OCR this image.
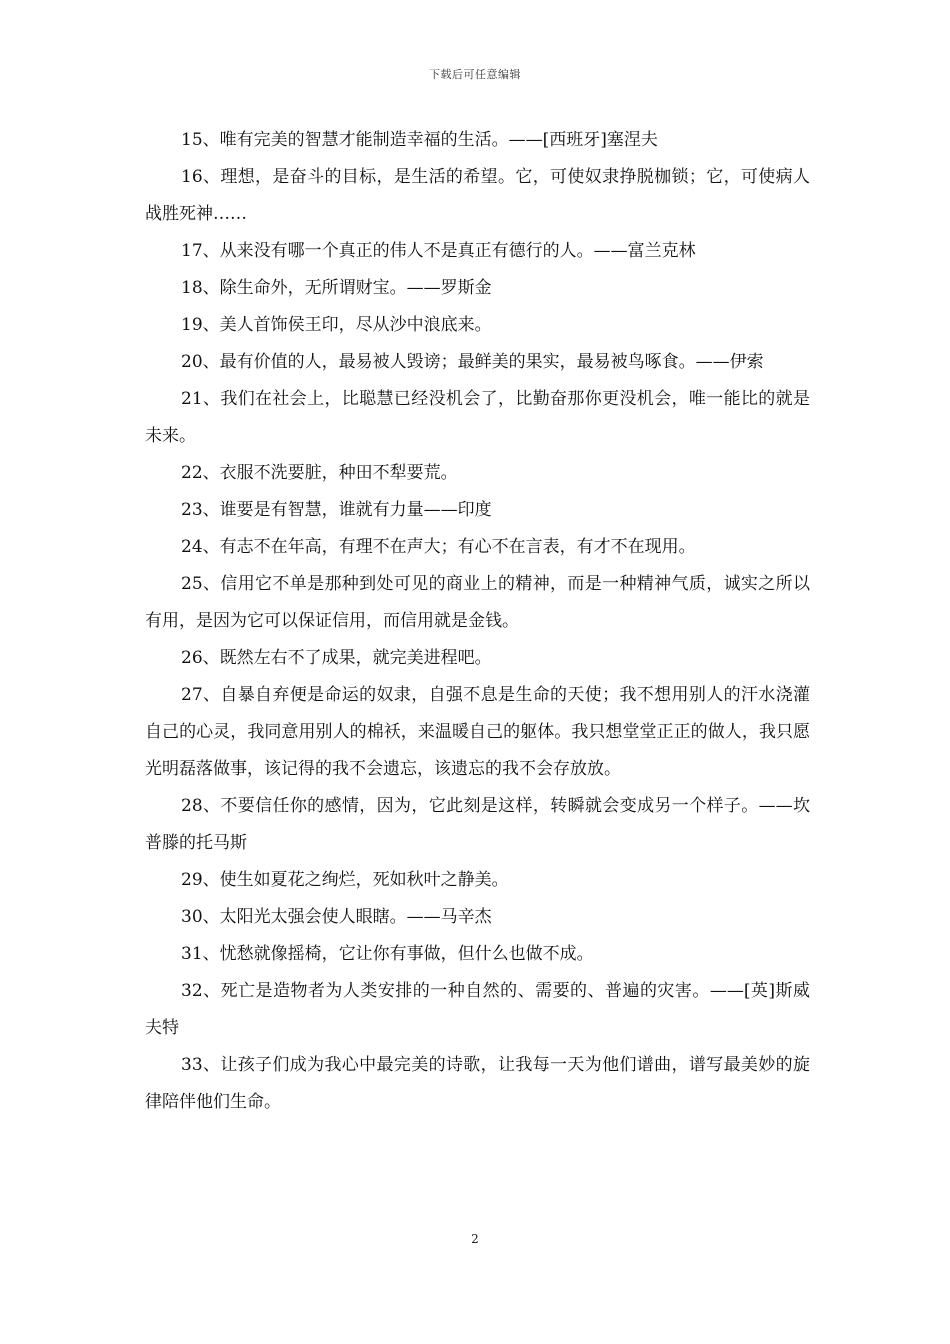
下载后可任意编辑

15、唯有完美的智慧才能制造幸福的生活。——[西班牙]塞涅夫

16、理想，是奋斗的目标，是生活的希望。它，可使奴隶挣脱枷锁；它，可使病人战胜死神……

17、从来没有哪一个真正的伟人不是真正有德行的人。——富兰克林

18、除生命外，无所谓财宝。——罗斯金

19、美人首饰侯王印，尽从沙中浪底来。

20、最有价值的人，最易被人毁谤；最鲜美的果实，最易被鸟啄食。——伊索

21、我们在社会上，比聪慧已经没机会了，比勤奋那你更没机会，唯一能比的就是未来。

22、衣服不洗要脏，种田不犁要荒。

23、谁要是有智慧，谁就有力量——印度

24、有志不在年高，有理不在声大；有心不在言表，有才不在现用。

25、信用它不单是那种到处可见的商业上的精神，而是一种精神气质，诚实之所以有用，是因为它可以保证信用，而信用就是金钱。

26、既然左右不了成果，就完美进程吧。

27、自暴自弃便是命运的奴隶，自强不息是生命的天使；我不想用别人的汗水浇灌自己的心灵，我同意用别人的棉袄，来温暖自己的躯体。我只想堂堂正正的做人，我只愿光明磊落做事，该记得的我不会遗忘，该遗忘的我不会存放放。

28、不要信任你的感情，因为，它此刻是这样，转瞬就会变成另一个样子。——坎普滕的托马斯

29、使生如夏花之绚烂，死如秋叶之静美。

30、太阳光太强会使人眼瞎。——马辛杰

31、忧愁就像摇椅，它让你有事做，但什么也做不成。

32、死亡是造物者为人类安排的一种自然的、需要的、普遍的灾害。——[英]斯威夫特

33、让孩子们成为我心中最完美的诗歌，让我每一天为他们谱曲，谱写最美妙的旋律陪伴他们生命。

2
